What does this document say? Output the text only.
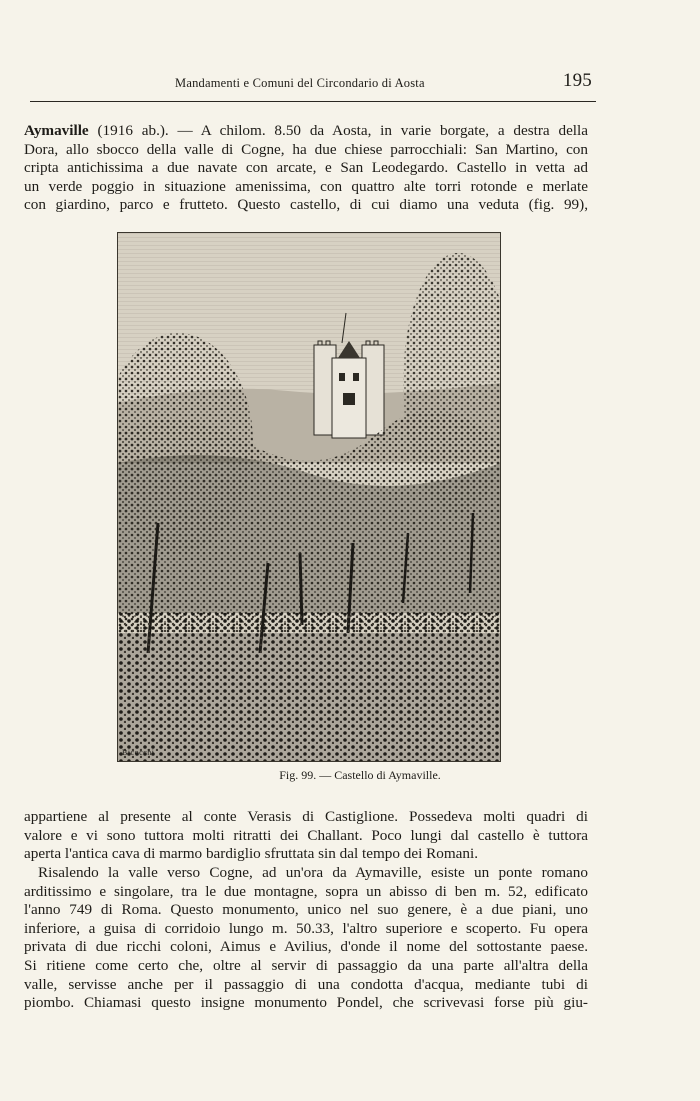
Mandamenti e Comuni del Circondario di Aosta	195
Aymaville (1916 ab.). — A chilom. 8.50 da Aosta, in varie borgate, a destra della
Dora, allo sbocco della valle di Cogne, ha due chiese parrocchiali: San Martino, con
cripta antichissima a due navate con arcate, e San Leodegardo. Castello in vetta ad
un verde poggio in situazione amenissima, con quattro alte torri rotonde e merlate
con giardino, parco e frutteto. Questo castello, di cui diamo una veduta (fig. 99),
Bicocchi
Fig. 99. — Castello di Aymaville.
appartiene al presente al conte Verasis di Castiglione. Possedeva molti quadri di
valore e vi sono tuttora molti ritratti dei Challant. Poco lungi dal castello è tuttora
aperta l'antica cava di marmo bardiglio sfruttata sin dal tempo dei Romani.
Risalendo la valle verso Cogne, ad un'ora da Aymaville, esiste un ponte romano
arditissimo e singolare, tra le due montagne, sopra un abisso di ben m. 52, edificato
l'anno 749 di Roma. Questo monumento, unico nel suo genere, è a due piani, uno
inferiore, a guisa di corridoio lungo m. 50.33, l'altro superiore e scoperto. Fu opera
privata di due ricchi coloni, Aimus e Avilius, d'onde il nome del sottostante paese.
Si ritiene come certo che, oltre al servir di passaggio da una parte all'altra della
valle, servisse anche per il passaggio di una condotta d'acqua, mediante tubi di
piombo. Chiamasi questo insigne monumento Pondel, che scrivevasi forse più giu-
